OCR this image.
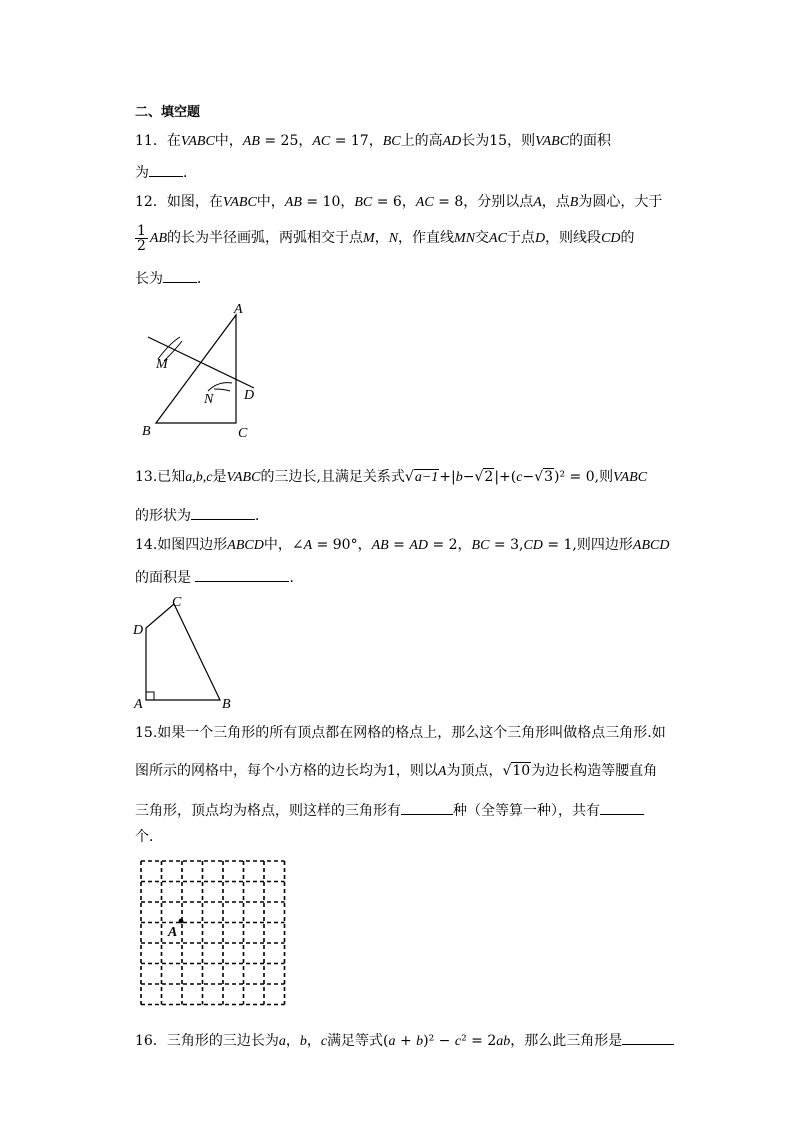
二、填空题
11．在VABC中，AB = 25，AC = 17，BC上的高AD长为15，则VABC的面积
为 ．
12．如图，在VABC中，AB = 10，BC = 6，AC = 8，分别以点A，点B为圆心，大于
$\frac{1}{2}$ AB的长为半径画弧，两弧相交于点M，N，作直线MN交AC于点D，则线段CD的
长为 ．
A
B	C
D
M
N
13.已知a,b,c是VABC的三边长,且满足关系式√a−1+|b−√2|+(c−√3)² = 0,则VABC
的形状为	．
14.如图四边形ABCD中，∠A = 90°，AB = AD = 2，BC = 3,CD = 1,则四边形ABCD
的面积是	．
A	B
C
D
15.如果一个三角形的所有顶点都在网格的格点上，那么这个三角形叫做格点三角形.如
图所示的网格中，每个小方格的边长均为1，则以A为顶点，√10为边长构造等腰直角
三角形，顶点均为格点，则这样的三角形有	种（全等算一种），共有
个．
A
16．三角形的三边长为a，b，c满足等式(a + b)² − c² = 2ab，那么此三角形是
